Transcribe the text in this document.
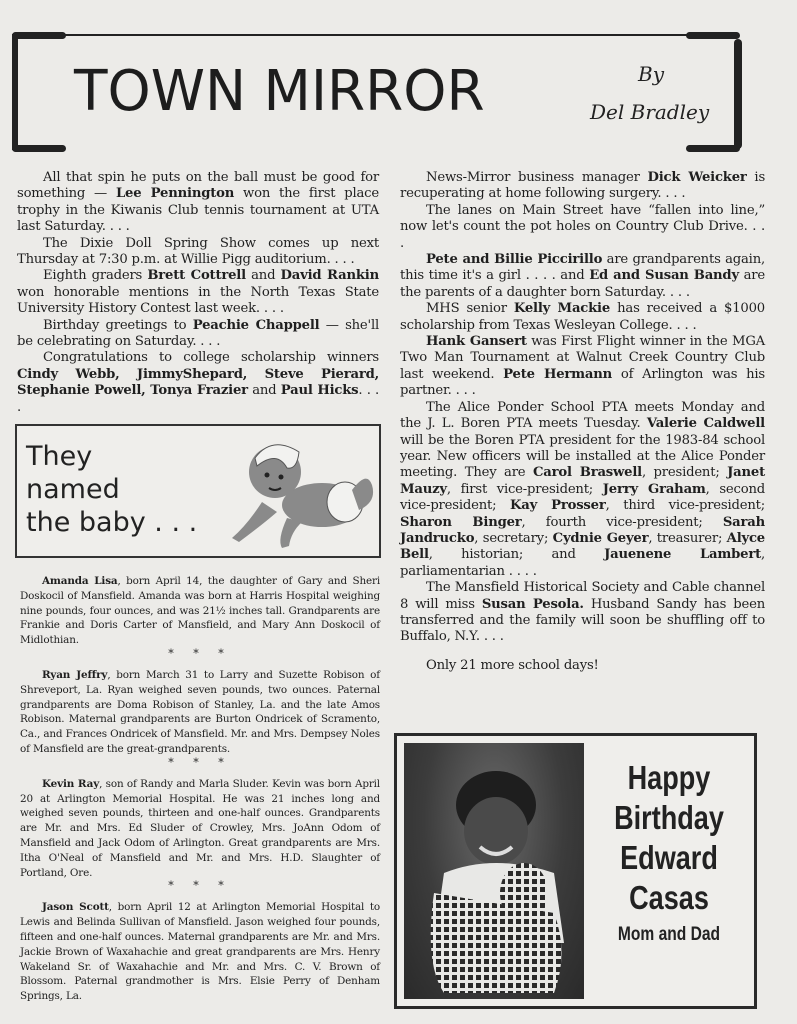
TOWN MIRROR	By
Del Bradley

All that spin he puts on the ball must be good for something — Lee Pennington won the first place trophy in the Kiwanis Club tennis tournament at UTA last Saturday. . . .

The Dixie Doll Spring Show comes up next Thursday at 7:30 p.m. at Willie Pigg auditorium. . . .

Eighth graders Brett Cottrell and David Rankin won honorable mentions in the North Texas State University History Contest last week. . . .

Birthday greetings to Peachie Chappell — she'll be celebrating on Saturday. . . .

Congratulations to college scholarship winners Cindy Webb, JimmyShepard, Steve Pierard, Stephanie Powell, Tonya Frazier and Paul Hicks. . . .

They
named
the baby . . .

Amanda Lisa, born April 14, the daughter of Gary and Sheri Doskocil of Mansfield. Amanda was born at Harris Hospital weighing nine pounds, four ounces, and was 21½ inches tall. Grandparents are Frankie and Doris Carter of Mansfield, and Mary Ann Doskocil of Midlothian.

* * *

Ryan Jeffry, born March 31 to Larry and Suzette Robison of Shreveport, La. Ryan weighed seven pounds, two ounces. Paternal grandparents are Doma Robison of Stanley, La. and the late Amos Robison. Maternal grandparents are Burton Ondricek of Scramento, Ca., and Frances Ondricek of Mansfield. Mr. and Mrs. Dempsey Noles of Mansfield are the great-grandparents.

* * *

Kevin Ray, son of Randy and Marla Sluder. Kevin was born April 20 at Arlington Memorial Hospital. He was 21 inches long and weighed seven pounds, thirteen and one-half ounces. Grandparents are Mr. and Mrs. Ed Sluder of Crowley, Mrs. JoAnn Odom of Mansfield and Jack Odom of Arlington. Great grandparents are Mrs. Itha O'Neal of Mansfield and Mr. and Mrs. H.D. Slaughter of Portland, Ore.

* * *

Jason Scott, born April 12 at Arlington Memorial Hospital to Lewis and Belinda Sullivan of Mansfield. Jason weighed four pounds, fifteen and one-half ounces. Maternal grandparents are Mr. and Mrs. Jackie Brown of Waxahachie and great grandparents are Mrs. Henry Wakeland Sr. of Waxahachie and Mr. and Mrs. C. V. Brown of Blossom. Paternal grandmother is Mrs. Elsie Perry of Denham Springs, La.

News-Mirror business manager Dick Weicker is recuperating at home following surgery. . . .

The lanes on Main Street have “fallen into line,” now let's count the pot holes on Country Club Drive. . . .

Pete and Billie Piccirillo are grandparents again, this time it's a girl . . . . and Ed and Susan Bandy are the parents of a daughter born Saturday. . . .

MHS senior Kelly Mackie has received a $1000 scholarship from Texas Wesleyan College. . . .

Hank Gansert was First Flight winner in the MGA Two Man Tournament at Walnut Creek Country Club last weekend. Pete Hermann of Arlington was his partner. . . .

The Alice Ponder School PTA meets Monday and the J. L. Boren PTA meets Tuesday. Valerie Caldwell will be the Boren PTA president for the 1983-84 school year. New officers will be installed at the Alice Ponder meeting. They are Carol Braswell, president; Janet Mauzy, first vice-president; Jerry Graham, second vice-president; Kay Prosser, third vice-president; Sharon Binger, fourth vice-president; Sarah Jandrucko, secretary; Cydnie Geyer, treasurer; Alyce Bell, historian; and Jauenene Lambert, parliamentarian . . . .

The Mansfield Historical Society and Cable channel 8 will miss Susan Pesola. Husband Sandy has been transferred and the family will soon be shuffling off to Buffalo, N.Y. . . .

Only 21 more school days!

Happy
Birthday
Edward
Casas
Mom and Dad
